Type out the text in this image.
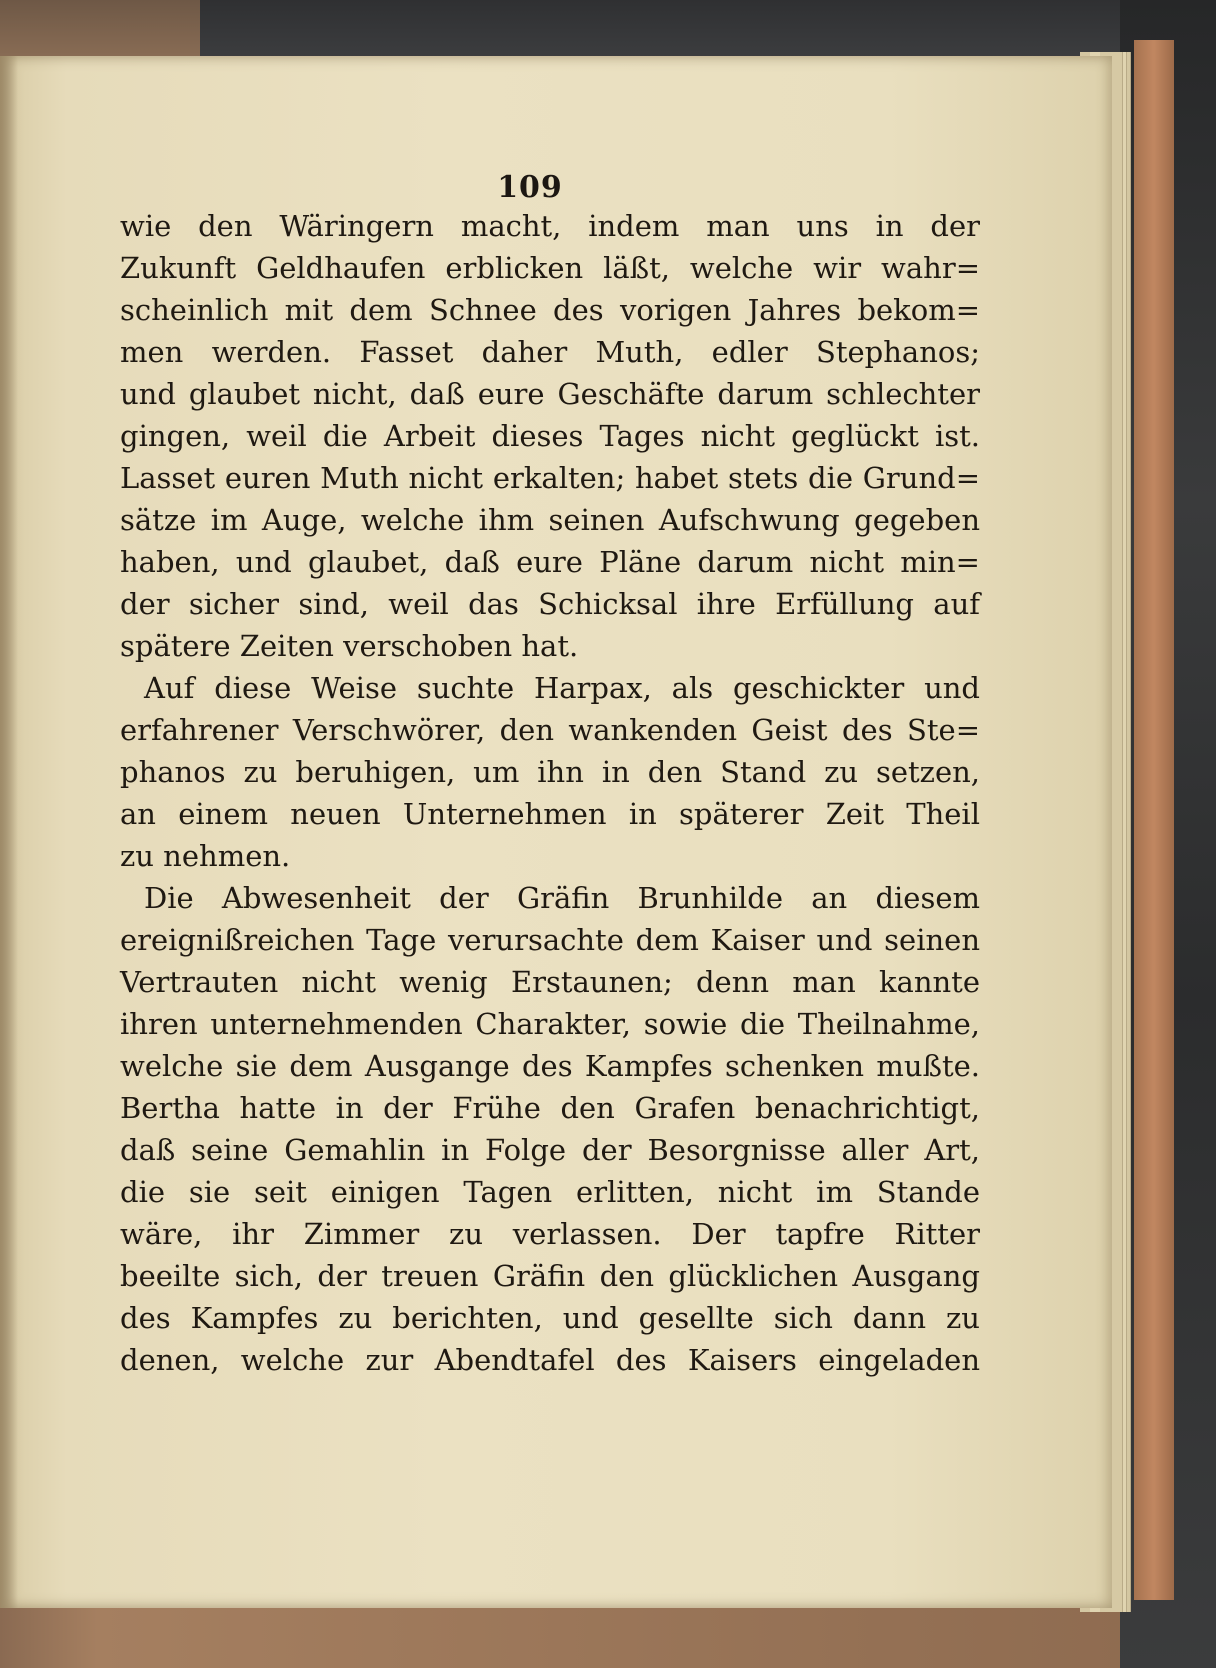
109
wie den Wäringern macht, indem man uns in der
Zukunft Geldhaufen erblicken läßt, welche wir wahr=
scheinlich mit dem Schnee des vorigen Jahres bekom=
men werden. Fasset daher Muth, edler Stephanos;
und glaubet nicht, daß eure Geschäfte darum schlechter
gingen, weil die Arbeit dieses Tages nicht geglückt ist.
Lasset euren Muth nicht erkalten; habet stets die Grund=
sätze im Auge, welche ihm seinen Aufschwung gegeben
haben, und glaubet, daß eure Pläne darum nicht min=
der sicher sind, weil das Schicksal ihre Erfüllung auf
spätere Zeiten verschoben hat.
Auf diese Weise suchte Harpax, als geschickter und
erfahrener Verschwörer, den wankenden Geist des Ste=
phanos zu beruhigen, um ihn in den Stand zu setzen,
an einem neuen Unternehmen in späterer Zeit Theil
zu nehmen.
Die Abwesenheit der Gräfin Brunhilde an diesem
ereignißreichen Tage verursachte dem Kaiser und seinen
Vertrauten nicht wenig Erstaunen; denn man kannte
ihren unternehmenden Charakter, sowie die Theilnahme,
welche sie dem Ausgange des Kampfes schenken mußte.
Bertha hatte in der Frühe den Grafen benachrichtigt,
daß seine Gemahlin in Folge der Besorgnisse aller Art,
die sie seit einigen Tagen erlitten, nicht im Stande
wäre, ihr Zimmer zu verlassen. Der tapfre Ritter
beeilte sich, der treuen Gräfin den glücklichen Ausgang
des Kampfes zu berichten, und gesellte sich dann zu
denen, welche zur Abendtafel des Kaisers eingeladen
